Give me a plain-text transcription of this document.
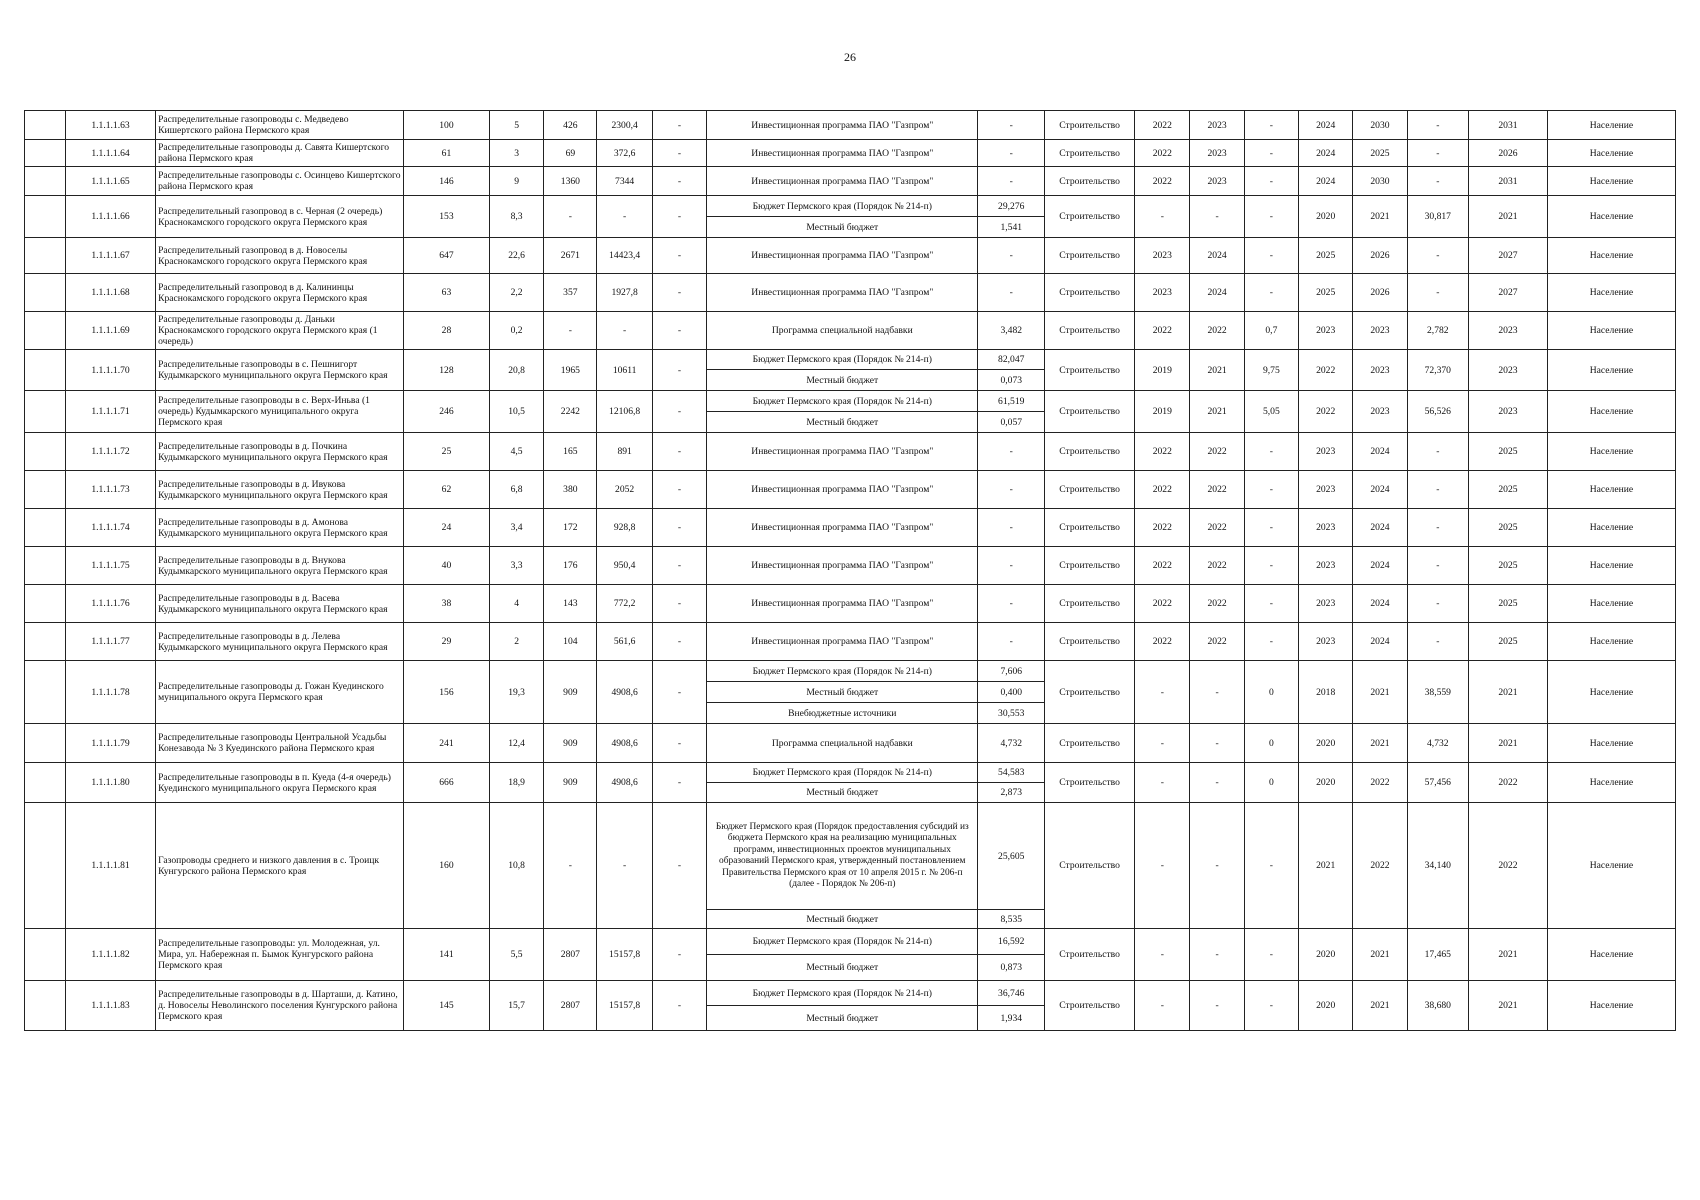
26
	1.1.1.1.63	Распределительные газопроводы с. Медведево Кишертского района Пермского края	100	5	426	2300,4	-	Инвестиционная программа ПАО "Газпром"	-	Строительство	2022	2023	-	2024	2030	-	2031	Население
	1.1.1.1.64	Распределительные газопроводы д. Савята Кишертского района Пермского края	61	3	69	372,6	-	Инвестиционная программа ПАО "Газпром"	-	Строительство	2022	2023	-	2024	2025	-	2026	Население
	1.1.1.1.65	Распределительные газопроводы с. Осинцево Кишертского района Пермского края	146	9	1360	7344	-	Инвестиционная программа ПАО "Газпром"	-	Строительство	2022	2023	-	2024	2030	-	2031	Население
	1.1.1.1.66	Распределительный газопровод в с. Черная (2 очередь) Краснокамского городского округа Пермского края	153	8,3	-	-	-	Бюджет Пермского края (Порядок № 214-п)	29,276	Строительство	-	-	-	2020	2021	30,817	2021	Население
								Местный бюджет	1,541									
	1.1.1.1.67	Распределительный газопровод в д. Новоселы Краснокамского городского округа Пермского края	647	22,6	2671	14423,4	-	Инвестиционная программа ПАО "Газпром"	-	Строительство	2023	2024	-	2025	2026	-	2027	Население
	1.1.1.1.68	Распределительный газопровод в д. Калининцы Краснокамского городского округа Пермского края	63	2,2	357	1927,8	-	Инвестиционная программа ПАО "Газпром"	-	Строительство	2023	2024	-	2025	2026	-	2027	Население
	1.1.1.1.69	Распределительные газопроводы д. Даньки Краснокамского городского округа Пермского края (1 очередь)	28	0,2	-	-	-	Программа специальной надбавки	3,482	Строительство	2022	2022	0,7	2023	2023	2,782	2023	Население
	1.1.1.1.70	Распределительные газопроводы в с. Пешнигорт Кудымкарского муниципального округа Пермского края	128	20,8	1965	10611	-	Бюджет Пермского края (Порядок № 214-п)	82,047	Строительство	2019	2021	9,75	2022	2023	72,370	2023	Население
								Местный бюджет	0,073									
	1.1.1.1.71	Распределительные газопроводы в с. Верх-Иньва (1 очередь) Кудымкарского муниципального округа Пермского края	246	10,5	2242	12106,8	-	Бюджет Пермского края (Порядок № 214-п)	61,519	Строительство	2019	2021	5,05	2022	2023	56,526	2023	Население
								Местный бюджет	0,057									
	1.1.1.1.72	Распределительные газопроводы в д. Почкина Кудымкарского муниципального округа Пермского края	25	4,5	165	891	-	Инвестиционная программа ПАО "Газпром"	-	Строительство	2022	2022	-	2023	2024	-	2025	Население
	1.1.1.1.73	Распределительные газопроводы в д. Ивукова Кудымкарского муниципального округа Пермского края	62	6,8	380	2052	-	Инвестиционная программа ПАО "Газпром"	-	Строительство	2022	2022	-	2023	2024	-	2025	Население
	1.1.1.1.74	Распределительные газопроводы в д. Амонова Кудымкарского муниципального округа Пермского края	24	3,4	172	928,8	-	Инвестиционная программа ПАО "Газпром"	-	Строительство	2022	2022	-	2023	2024	-	2025	Население
	1.1.1.1.75	Распределительные газопроводы в д. Внукова Кудымкарского муниципального округа Пермского края	40	3,3	176	950,4	-	Инвестиционная программа ПАО "Газпром"	-	Строительство	2022	2022	-	2023	2024	-	2025	Население
	1.1.1.1.76	Распределительные газопроводы в д. Васева Кудымкарского муниципального округа Пермского края	38	4	143	772,2	-	Инвестиционная программа ПАО "Газпром"	-	Строительство	2022	2022	-	2023	2024	-	2025	Население
	1.1.1.1.77	Распределительные газопроводы в д. Лелева Кудымкарского муниципального округа Пермского края	29	2	104	561,6	-	Инвестиционная программа ПАО "Газпром"	-	Строительство	2022	2022	-	2023	2024	-	2025	Население
	1.1.1.1.78	Распределительные газопроводы д. Гожан Куединского муниципального округа Пермского края	156	19,3	909	4908,6	-	Бюджет Пермского края (Порядок № 214-п)	7,606	Строительство	-	-	0	2018	2021	38,559	2021	Население
								Местный бюджет	0,400									
								Внебюджетные источники	30,553									
	1.1.1.1.79	Распределительные газопроводы Центральной Усадьбы Конезавода № 3 Куединского района Пермского края	241	12,4	909	4908,6	-	Программа специальной надбавки	4,732	Строительство	-	-	0	2020	2021	4,732	2021	Население
	1.1.1.1.80	Распределительные газопроводы в п. Куеда (4-я очередь) Куединского муниципального округа Пермского края	666	18,9	909	4908,6	-	Бюджет Пермского края (Порядок № 214-п)	54,583	Строительство	-	-	0	2020	2022	57,456	2022	Население
								Местный бюджет	2,873									
	1.1.1.1.81	Газопроводы среднего и низкого давления в с. Троицк Кунгурского района Пермского края	160	10,8	-	-	-	Бюджет Пермского края (Порядок предоставления субсидий из бюджета Пермского края на реализацию муниципальных программ, инвестиционных проектов муниципальных образований Пермского края, утвержденный постановлением Правительства Пермского края от 10 апреля 2015 г. № 206-п (далее - Порядок № 206-п)	25,605	Строительство	-	-	-	2021	2022	34,140	2022	Население
								Местный бюджет	8,535									
	1.1.1.1.82	Распределительные газопроводы: ул. Молодежная, ул. Мира, ул. Набережная п. Бымок Кунгурского района Пермского края	141	5,5	2807	15157,8	-	Бюджет Пермского края (Порядок № 214-п)	16,592	Строительство	-	-	-	2020	2021	17,465	2021	Население
								Местный бюджет	0,873									
	1.1.1.1.83	Распределительные газопроводы в д. Шарташи, д. Катино, д. Новоселы Неволинского поселения Кунгурского района Пермского края	145	15,7	2807	15157,8	-	Бюджет Пермского края (Порядок № 214-п)	36,746	Строительство	-	-	-	2020	2021	38,680	2021	Население
								Местный бюджет	1,934									
